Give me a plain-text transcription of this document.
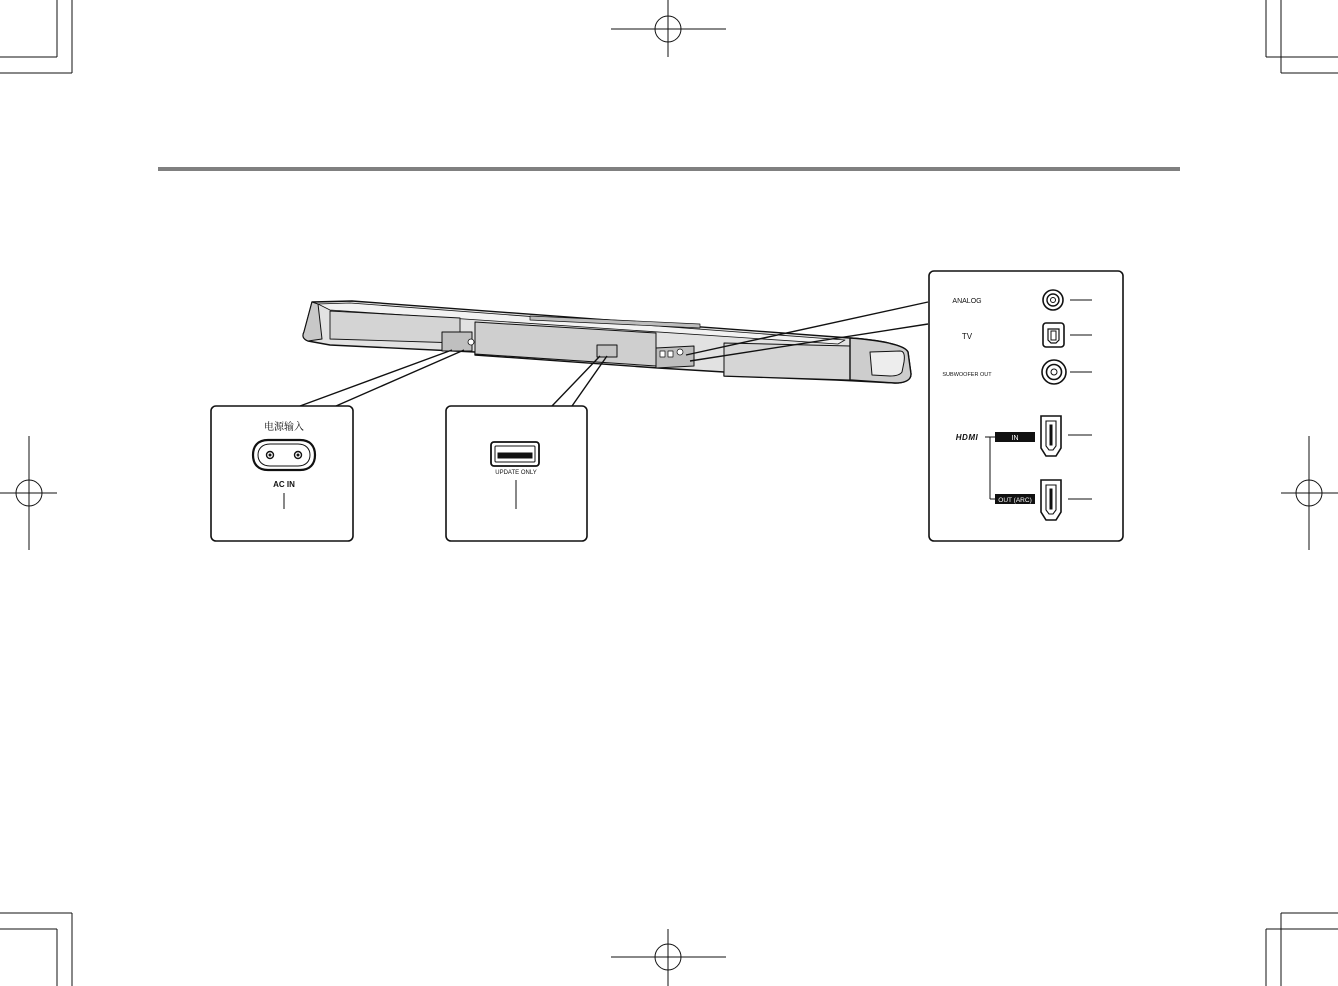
电源输入
AC IN
UPDATE ONLY
ANALOG
TV
SUBWOOFER OUT
HDMI	IN
OUT (ARC)
